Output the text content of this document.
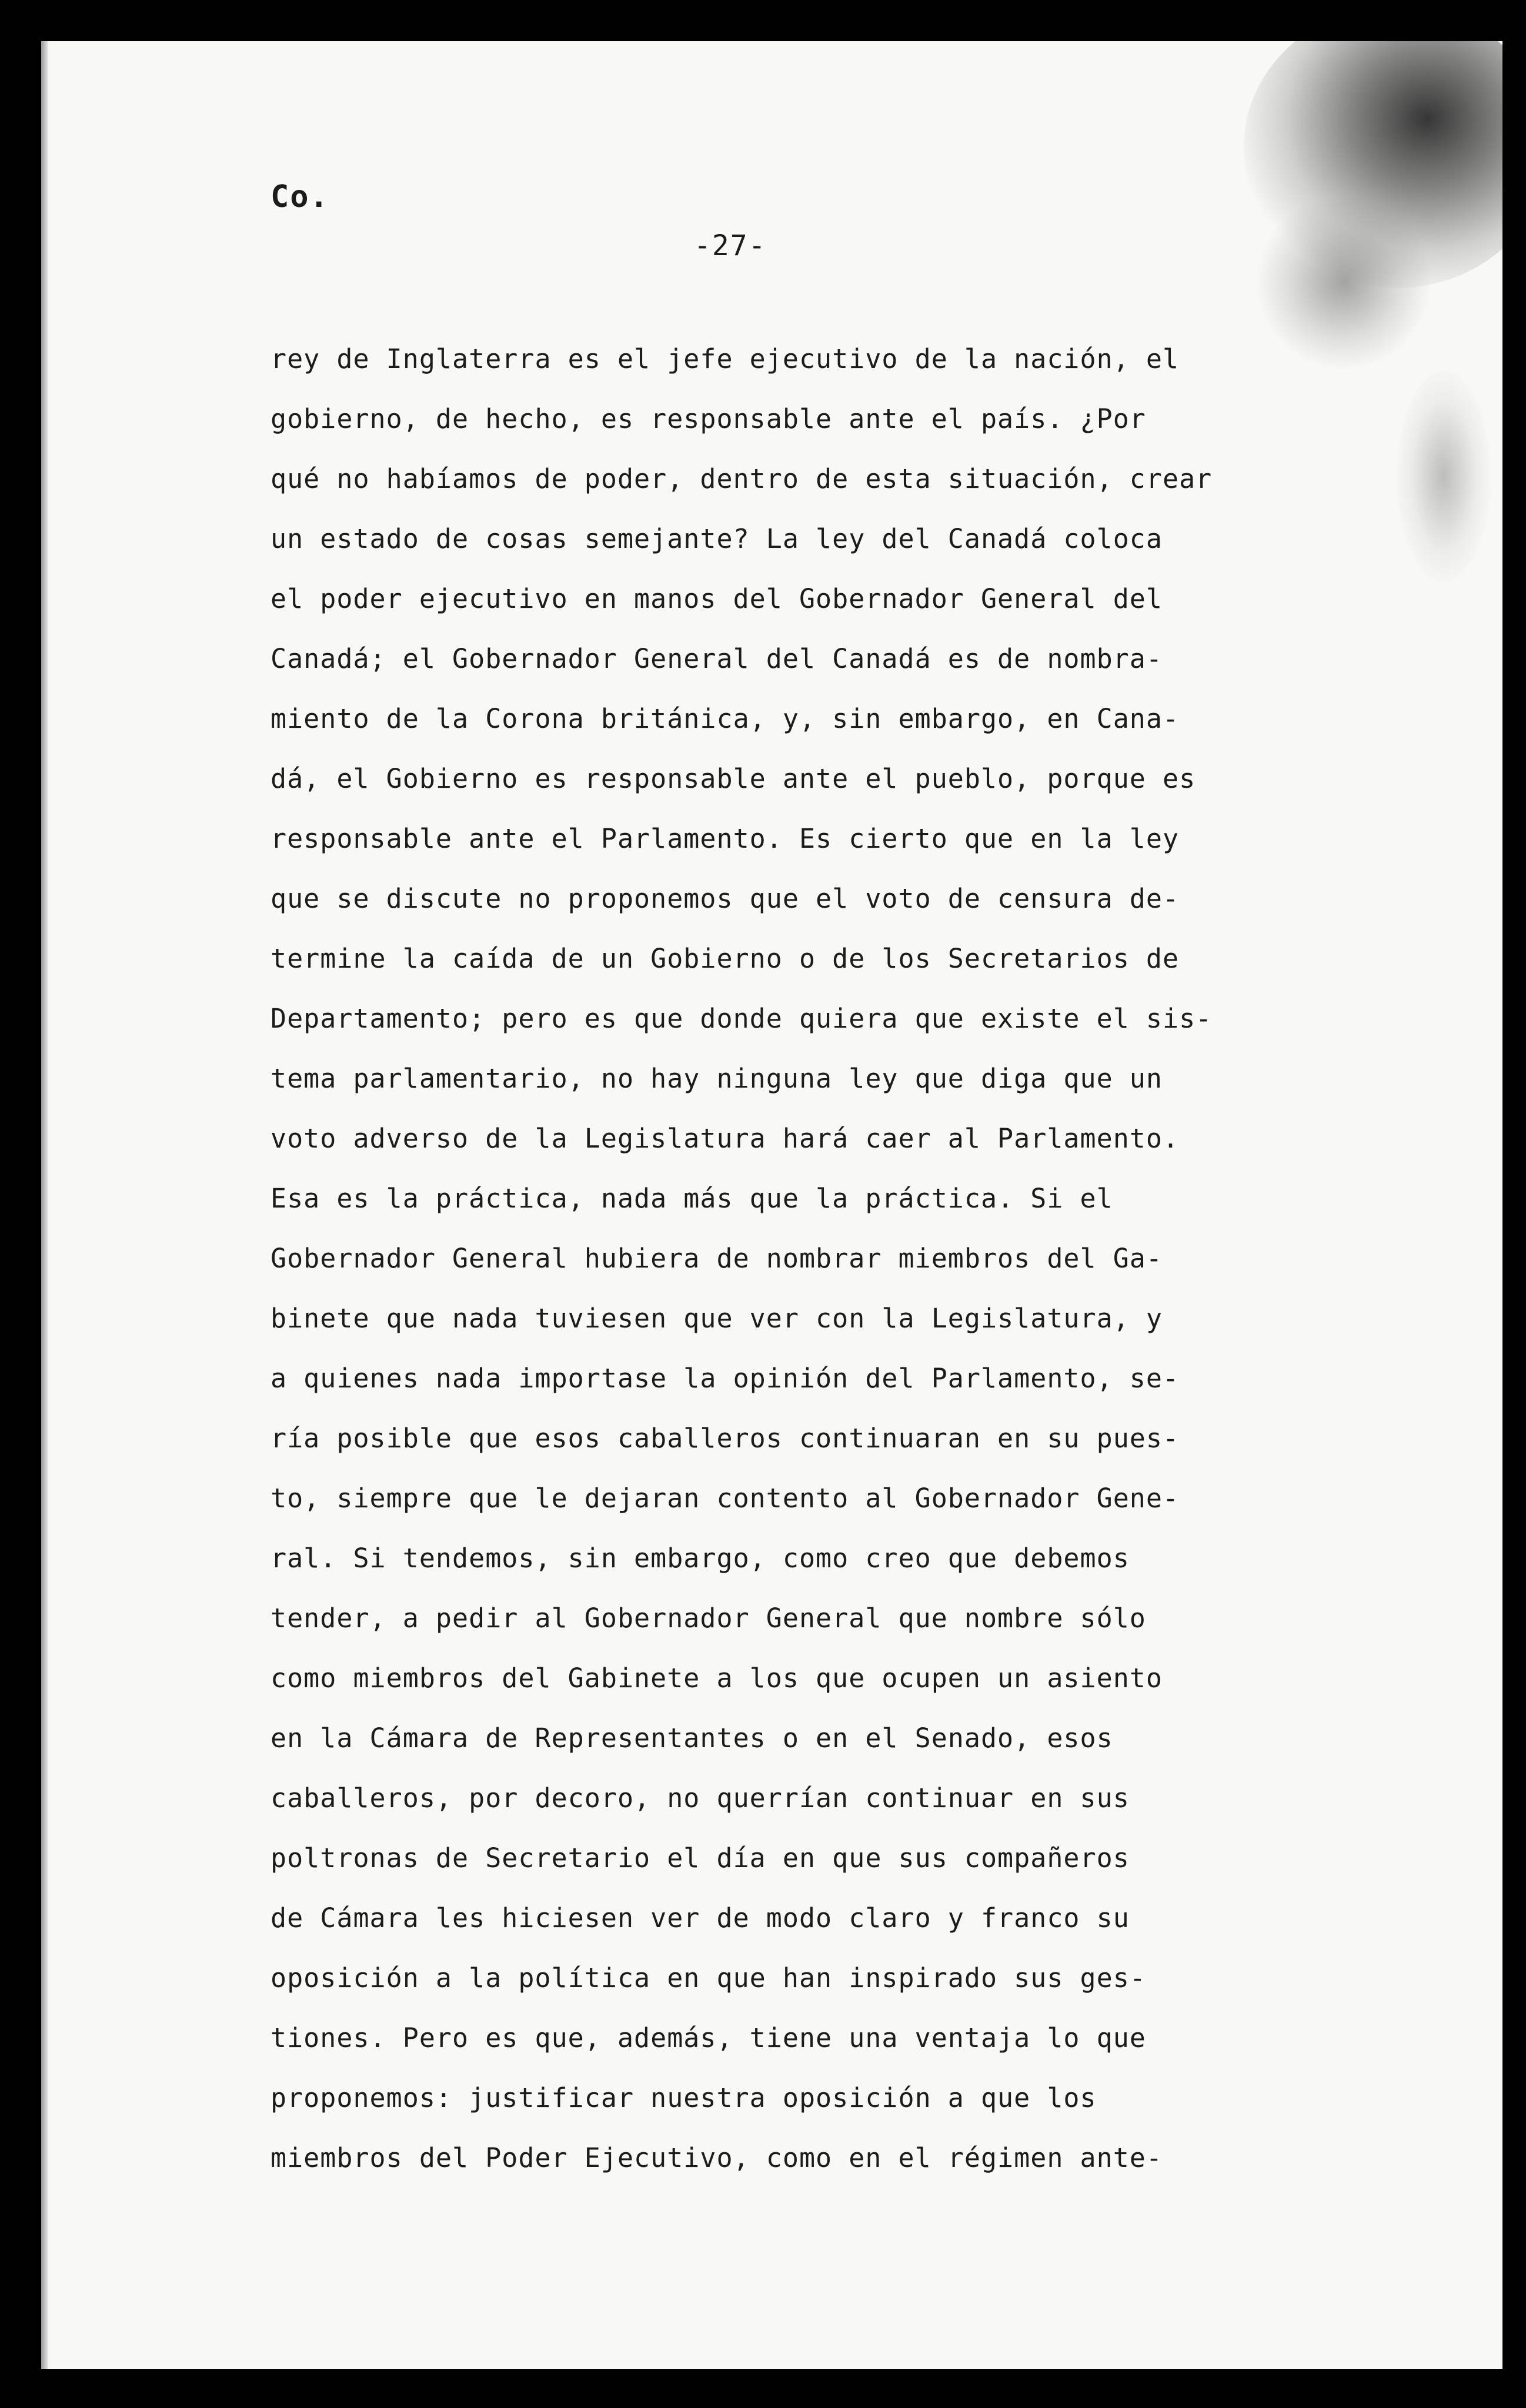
Co.
-27-
rey de Inglaterra es el jefe ejecutivo de la nación, el
gobierno, de hecho, es responsable ante el país. ¿Por
qué no habíamos de poder, dentro de esta situación, crear
un estado de cosas semejante? La ley del Canadá coloca
el poder ejecutivo en manos del Gobernador General del
Canadá; el Gobernador General del Canadá es de nombra-
miento de la Corona británica, y, sin embargo, en Cana-
dá, el Gobierno es responsable ante el pueblo, porque es
responsable ante el Parlamento. Es cierto que en la ley
que se discute no proponemos que el voto de censura de-
termine la caída de un Gobierno o de los Secretarios de
Departamento; pero es que donde quiera que existe el sis-
tema parlamentario, no hay ninguna ley que diga que un
voto adverso de la Legislatura hará caer al Parlamento.
Esa es la práctica, nada más que la práctica. Si el
Gobernador General hubiera de nombrar miembros del Ga-
binete que nada tuviesen que ver con la Legislatura, y
a quienes nada importase la opinión del Parlamento, se-
ría posible que esos caballeros continuaran en su pues-
to, siempre que le dejaran contento al Gobernador Gene-
ral. Si tendemos, sin embargo, como creo que debemos
tender, a pedir al Gobernador General que nombre sólo
como miembros del Gabinete a los que ocupen un asiento
en la Cámara de Representantes o en el Senado, esos
caballeros, por decoro, no querrían continuar en sus
poltronas de Secretario el día en que sus compañeros
de Cámara les hiciesen ver de modo claro y franco su
oposición a la política en que han inspirado sus ges-
tiones. Pero es que, además, tiene una ventaja lo que
proponemos: justificar nuestra oposición a que los
miembros del Poder Ejecutivo, como en el régimen ante-
